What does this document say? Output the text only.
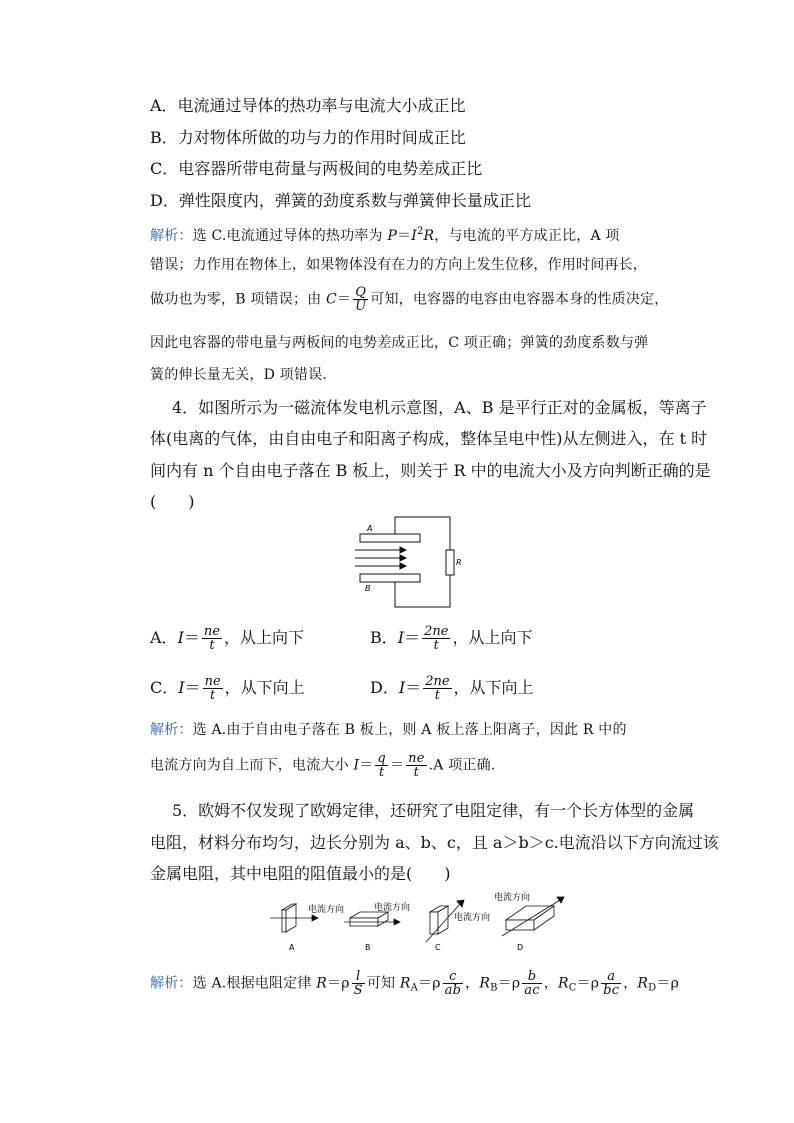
A．电流通过导体的热功率与电流大小成正比
B．力对物体所做的功与力的作用时间成正比
C．电容器所带电荷量与两极间的电势差成正比
D．弹性限度内，弹簧的劲度系数与弹簧伸长量成正比
解析：选 C.电流通过导体的热功率为 $P=I^2R$，与电流的平方成正比，A 项
错误；力作用在物体上，如果物体没有在力的方向上发生位移，作用时间再长，
做功也为零，B 项错误；由 $C= \frac{Q}{U}$ 可知，电容器的电容由电容器本身的性质决定，
因此电容器的带电量与两板间的电势差成正比，C 项正确；弹簧的劲度系数与弹
簧的伸长量无关，D 项错误.
4．如图所示为一磁流体发电机示意图，A、B 是平行正对的金属板，等离子
体(电离的气体，由自由电子和阳离子构成，整体呈电中性)从左侧进入，在 t 时
间内有 n 个自由电子落在 B 板上，则关于 R 中的电流大小及方向判断正确的是
(　　)
A
B
R
A．$I= \frac{ne}{t}$ ，从上向下	B．$I= \frac{2ne}{t}$ ，从上向下
C．$I= \frac{ne}{t}$ ，从下向上	D．$I= \frac{2ne}{t}$ ，从下向上
解析：选 A.由于自由电子落在 B 板上，则 A 板上落上阳离子，因此 R 中的
电流方向为自上而下，电流大小 $I= \frac{q}{t} = \frac{ne}{t} .A$ 项正确.
5．欧姆不仅发现了欧姆定律，还研究了电阻定律，有一个长方体型的金属
电阻，材料分布均匀，边长分别为 a、b、c，且 a＞b＞c.电流沿以下方向流过该
金属电阻，其中电阻的阻值最小的是(　　)
电流方向
A
电流方向
B
电流方向
C
电流方向
D
解析：选 A.根据电阻定律 $R=\rho \frac{l}{S}$ 可知 $R_A=\rho \frac{c}{ab}$ ，$R_B=\rho \frac{b}{ac}$ ，$R_C=\rho \frac{a}{bc}$ ，$R_D=\rho$
